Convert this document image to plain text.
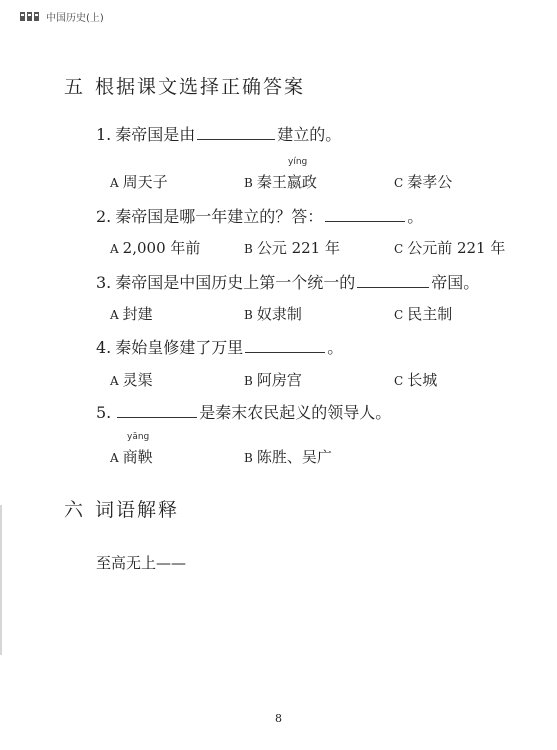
中国历史(上)
五 根据课文选择正确答案
1. 秦帝国是由	建立的。
yíng
A 周天子	B 秦王嬴政	C 秦孝公
2. 秦帝国是哪一年建立的？答：	。
A 2,000 年前	B 公元 221 年	C 公元前 221 年
3. 秦帝国是中国历史上第一个统一的	帝国。
A 封建	B 奴隶制	C 民主制
4. 秦始皇修建了万里	。
A 灵渠	B 阿房宫	C 长城
5.	是秦末农民起义的领导人。
yāng
A 商鞅	B 陈胜、吴广
六 词语解释
至高无上——
8
